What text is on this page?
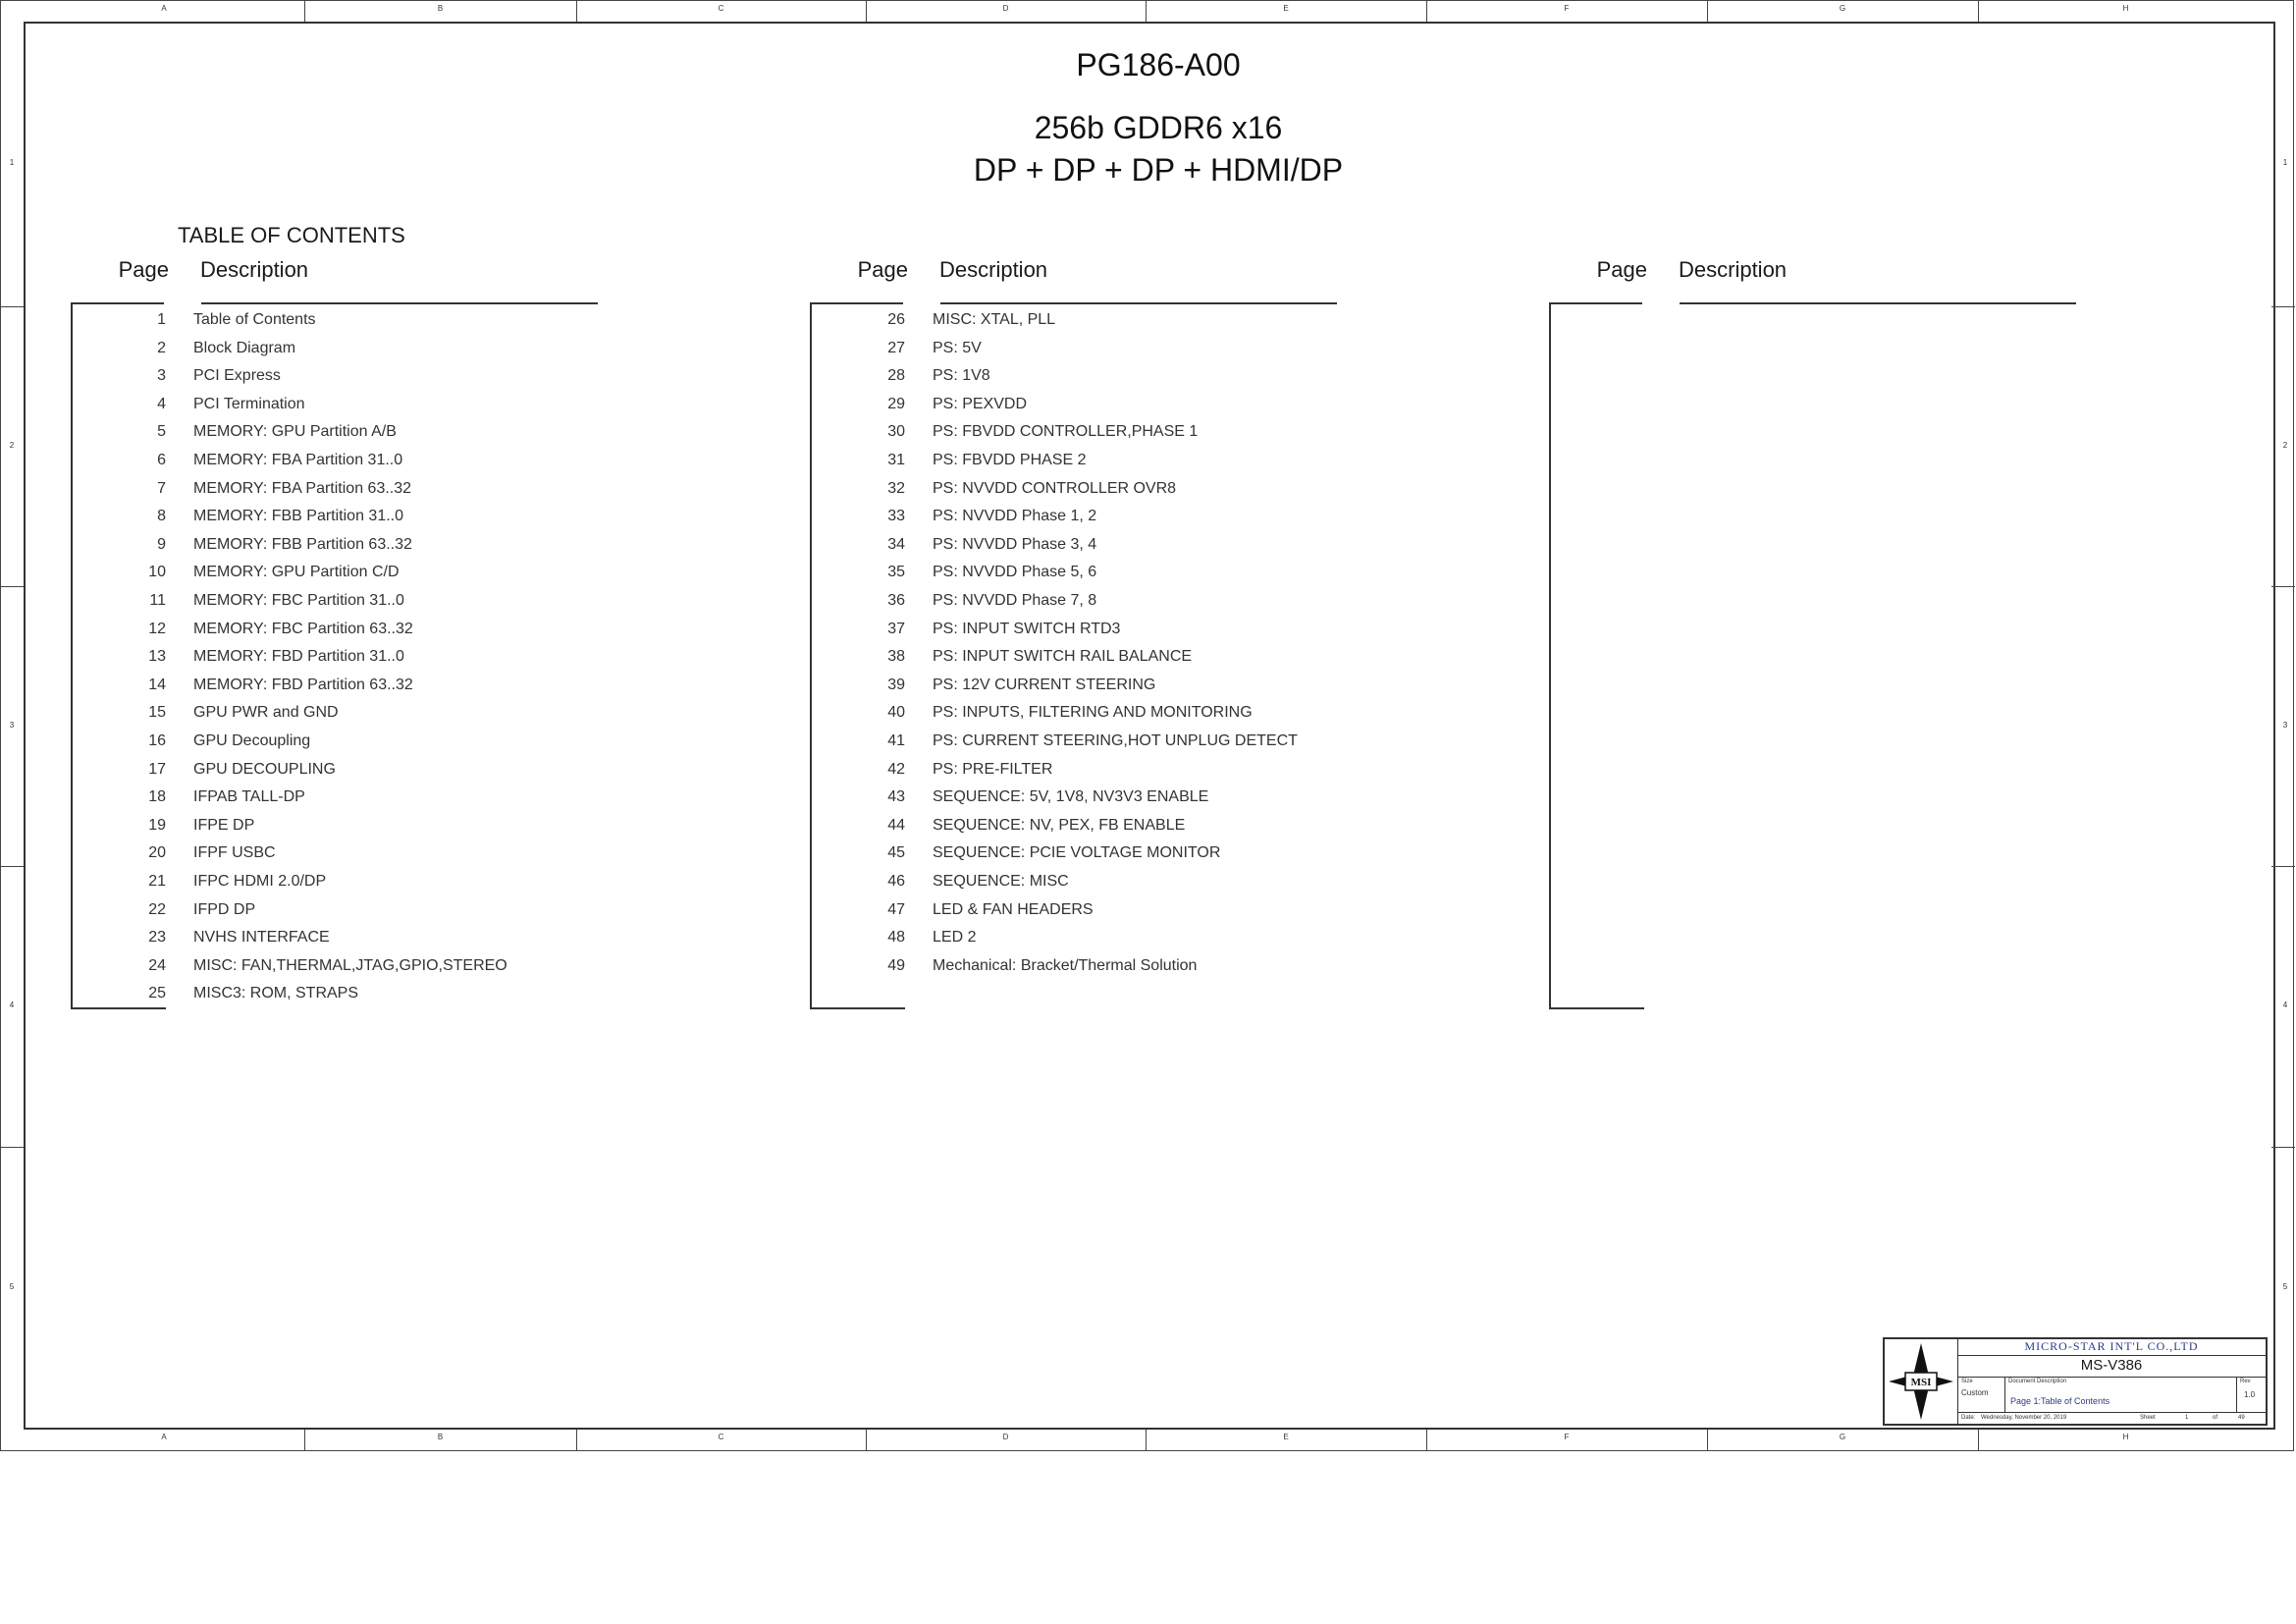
A
A
B
B
C
C
D
D
E
E
F
F
G
G
H
H
1	1
2	2
3	3
4	4
5	5
PG186-A00
256b GDDR6 x16
DP + DP + DP + HDMI/DP
TABLE OF CONTENTS
Page Description
1 Table of Contents
2 Block Diagram
3 PCI Express
4 PCI Termination
5 MEMORY: GPU Partition A/B
6 MEMORY: FBA Partition 31..0
7 MEMORY: FBA Partition 63..32
8 MEMORY: FBB Partition 31..0
9 MEMORY: FBB Partition 63..32
10 MEMORY: GPU Partition C/D
11 MEMORY: FBC Partition 31..0
12 MEMORY: FBC Partition 63..32
13 MEMORY: FBD Partition 31..0
14 MEMORY: FBD Partition 63..32
15 GPU PWR and GND
16 GPU Decoupling
17 GPU DECOUPLING
18 IFPAB TALL-DP
19 IFPE DP
20 IFPF USBC
21 IFPC HDMI 2.0/DP
22 IFPD DP
23 NVHS INTERFACE
24 MISC: FAN,THERMAL,JTAG,GPIO,STEREO
25 MISC3: ROM, STRAPS
Page Description
26 MISC: XTAL, PLL
27 PS: 5V
28 PS: 1V8
29 PS: PEXVDD
30 PS: FBVDD CONTROLLER,PHASE 1
31 PS: FBVDD PHASE 2
32 PS: NVVDD CONTROLLER OVR8
33 PS: NVVDD Phase 1, 2
34 PS: NVVDD Phase 3, 4
35 PS: NVVDD Phase 5, 6
36 PS: NVVDD Phase 7, 8
37 PS: INPUT SWITCH RTD3
38 PS: INPUT SWITCH RAIL BALANCE
39 PS: 12V CURRENT STEERING
40 PS: INPUTS, FILTERING AND MONITORING
41 PS: CURRENT STEERING,HOT UNPLUG DETECT
42 PS: PRE-FILTER
43 SEQUENCE: 5V, 1V8, NV3V3 ENABLE
44 SEQUENCE: NV, PEX, FB ENABLE
45 SEQUENCE: PCIE VOLTAGE MONITOR
46 SEQUENCE: MISC
47 LED & FAN HEADERS
48 LED 2
49 Mechanical: Bracket/Thermal Solution
Page Description
MSI
MICRO-STAR INT'L CO.,LTD
MS-V386
Size
Custom
Document Description
Page 1:Table of Contents
Rev
1.0
Date: Wednesday, November 20, 2019	Sheet	1	of	49
